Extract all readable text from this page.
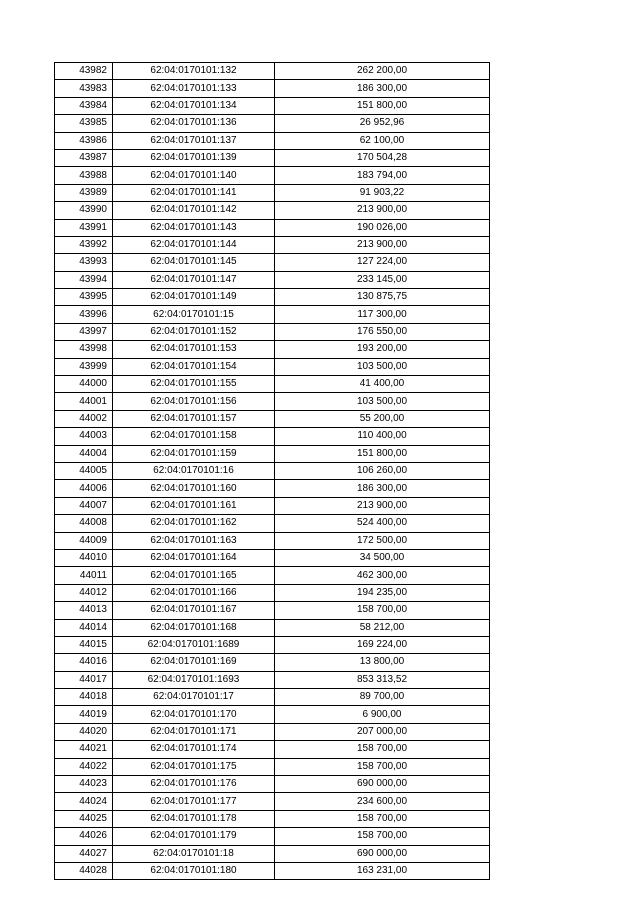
43982	62:04:0170101:132	262 200,00
43983	62:04:0170101:133	186 300,00
43984	62:04:0170101:134	151 800,00
43985	62:04:0170101:136	26 952,96
43986	62:04:0170101:137	62 100,00
43987	62:04:0170101:139	170 504,28
43988	62:04:0170101:140	183 794,00
43989	62:04:0170101:141	91 903,22
43990	62:04:0170101:142	213 900,00
43991	62:04:0170101:143	190 026,00
43992	62:04:0170101:144	213 900,00
43993	62:04:0170101:145	127 224,00
43994	62:04:0170101:147	233 145,00
43995	62:04:0170101:149	130 875,75
43996	62:04:0170101:15	117 300,00
43997	62:04:0170101:152	176 550,00
43998	62:04:0170101:153	193 200,00
43999	62:04:0170101:154	103 500,00
44000	62:04:0170101:155	41 400,00
44001	62:04:0170101:156	103 500,00
44002	62:04:0170101:157	55 200,00
44003	62:04:0170101:158	110 400,00
44004	62:04:0170101:159	151 800,00
44005	62:04:0170101:16	106 260,00
44006	62:04:0170101:160	186 300,00
44007	62:04:0170101:161	213 900,00
44008	62:04:0170101:162	524 400,00
44009	62:04:0170101:163	172 500,00
44010	62:04:0170101:164	34 500,00
44011	62:04:0170101:165	462 300,00
44012	62:04:0170101:166	194 235,00
44013	62:04:0170101:167	158 700,00
44014	62:04:0170101:168	58 212,00
44015	62:04:0170101:1689	169 224,00
44016	62:04:0170101:169	13 800,00
44017	62:04:0170101:1693	853 313,52
44018	62:04:0170101:17	89 700,00
44019	62:04:0170101:170	6 900,00
44020	62:04:0170101:171	207 000,00
44021	62:04:0170101:174	158 700,00
44022	62:04:0170101:175	158 700,00
44023	62:04:0170101:176	690 000,00
44024	62:04:0170101:177	234 600,00
44025	62:04:0170101:178	158 700,00
44026	62:04:0170101:179	158 700,00
44027	62:04:0170101:18	690 000,00
44028	62:04:0170101:180	163 231,00
